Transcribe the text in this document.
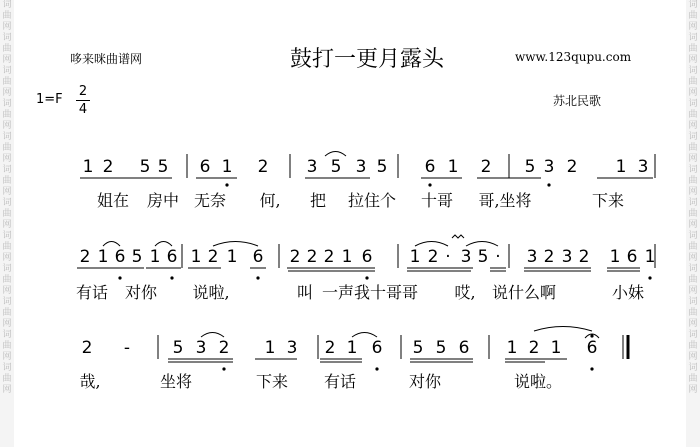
词
曲
网
词
曲
网
词
曲
网
词
曲
网
词
曲
网
词
曲
网
词
曲
网
词
曲
网
词
曲
网
词
曲
网
词
曲
网
词
曲
网
词
曲
网
词
曲
网
词
曲
网
词
曲
网
词
曲
网
词
曲
网
词
曲
网
词
曲
网
词
曲
网
词
曲
网
词
曲
网
词
曲
网
哆来咪曲谱网	鼓打一更月露头	www.123qupu.com
1=F
2
4
苏北民歌
1 2 5 5 6 1 2 3 5 3 5 6 1 2 5 3 2 1 3
2 1 6 5 1 6 1 2 1 6 2 2 2 1 6 1 2 · 3 5 · 3 2 3 2 1 6 1
2 -	5 3 2 1 3 2 1 6 5 5 6 1 2 1 6
姐在 房中 无奈 何, 把 拉住个 十哥 哥,坐将	下来
有话 对你 说啦,	叫 一声我十哥哥 哎, 说什么啊	小妹
哉,	坐将	下来 有话	对你	说啦。
